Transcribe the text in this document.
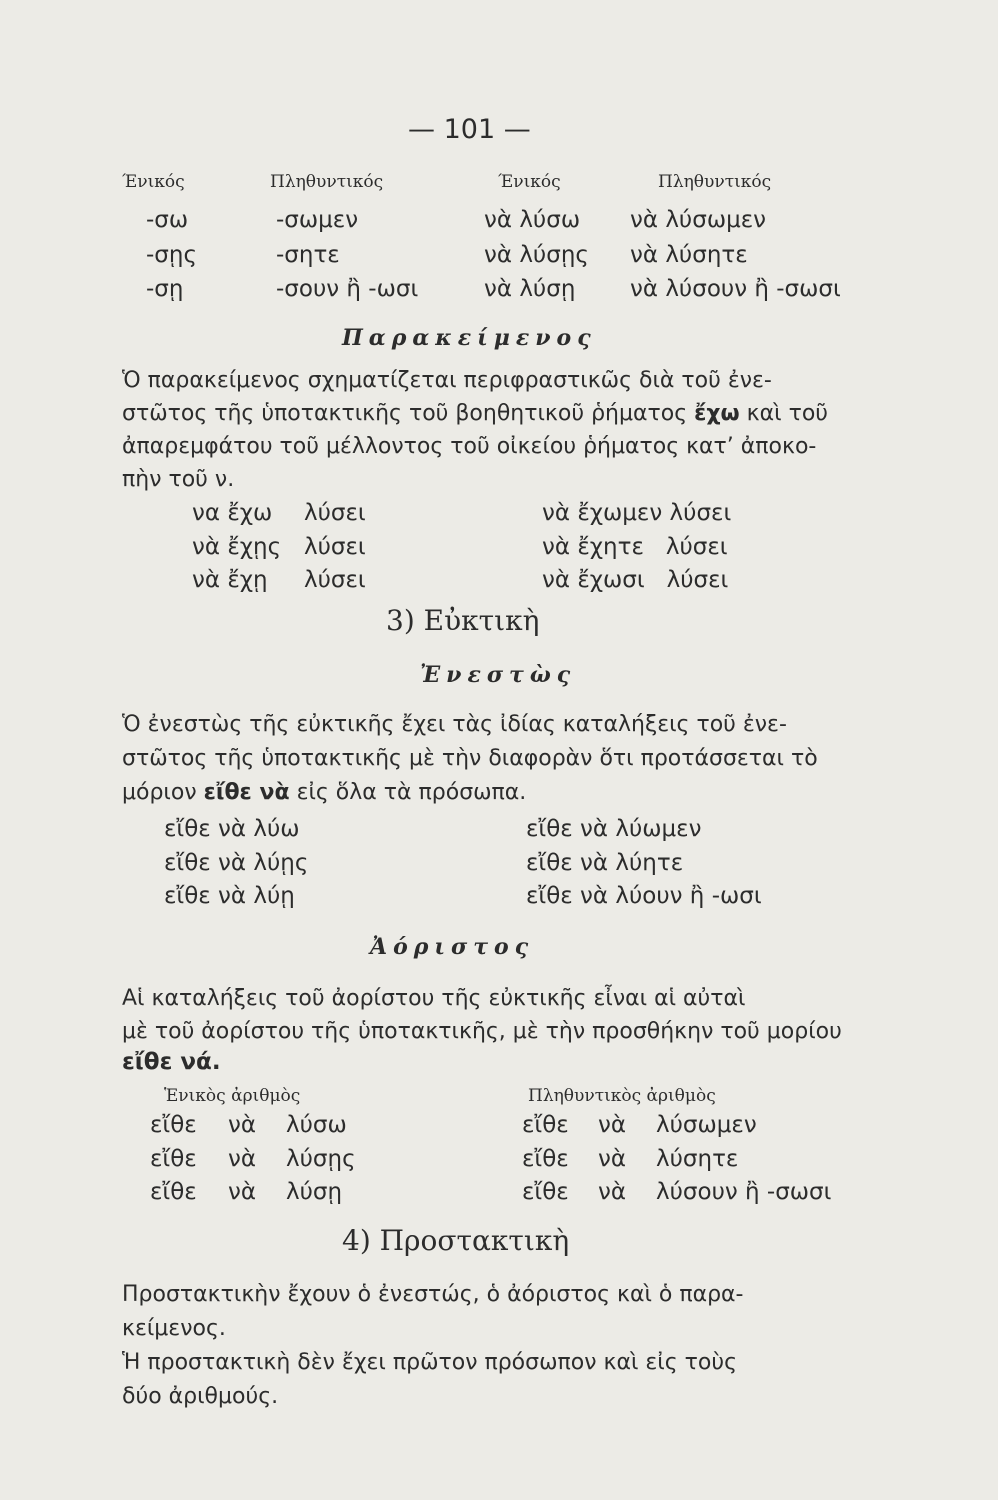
— 101 —
Ένικός	Πληθυντικός	Ένικός	Πληθυντικός
-σω	-σωμεν	νὰ λύσω νὰ λύσωμεν
-σῃς	-σητε	νὰ λύσῃς νὰ λύσητε
-σῃ	-σουν ἢ -ωσι	νὰ λύσῃ νὰ λύσουν ἢ -σωσι
Παρακείμενος
Ὁ παρακείμενος σχηματίζεται περιφραστικῶς διὰ τοῦ ἐνε-
στῶτος τῆς ὑποτακτικῆς τοῦ βοηθητικοῦ ῥήματος ἔχω καὶ τοῦ
ἀπαρεμφάτου τοῦ μέλλοντος τοῦ οἰκείου ῥήματος κατ’ ἀποκο-
πὴν τοῦ ν.
να ἔχω λύσει	νὰ ἔχωμεν λύσει
νὰ ἔχῃς λύσει	νὰ ἔχητε   λύσει
νὰ ἔχῃ λύσει	νὰ ἔχωσι   λύσει
3) Εὐκτικὴ
Ἐνεστὼς
Ὁ ἐνεστὼς τῆς εὐκτικῆς ἔχει τὰς ἰδίας καταλήξεις τοῦ ἐνε-
στῶτος τῆς ὑποτακτικῆς μὲ τὴν διαφορὰν ὅτι προτάσσεται τὸ
μόριον εἴθε νὰ εἰς ὅλα τὰ πρόσωπα.
εἴθε νὰ λύω	εἴθε νὰ λύωμεν
εἴθε νὰ λύῃς	εἴθε νὰ λύητε
εἴθε νὰ λύῃ	εἴθε νὰ λύουν ἢ -ωσι
Ἀόριστος
Αἱ καταλήξεις τοῦ ἀορίστου τῆς εὐκτικῆς εἶναι αἱ αὐταὶ
μὲ τοῦ ἀορίστου τῆς ὑποτακτικῆς, μὲ τὴν προσθήκην τοῦ μορίου
εἴθε νά.
Ἑνικὸς ἀριθμὸς	Πληθυντικὸς ἀριθμὸς
εἴθε νὰ λύσω	εἴθε νὰ λύσωμεν
εἴθε νὰ λύσῃς	εἴθε νὰ λύσητε
εἴθε νὰ λύσῃ	εἴθε νὰ λύσουν ἢ -σωσι
4) Προστακτικὴ
Προστακτικὴν ἔχουν ὁ ἐνεστώς, ὁ ἀόριστος καὶ ὁ παρα-
κείμενος.
Ἡ προστακτικὴ δὲν ἔχει πρῶτον πρόσωπον καὶ εἰς τοὺς
δύο ἀριθμούς.
